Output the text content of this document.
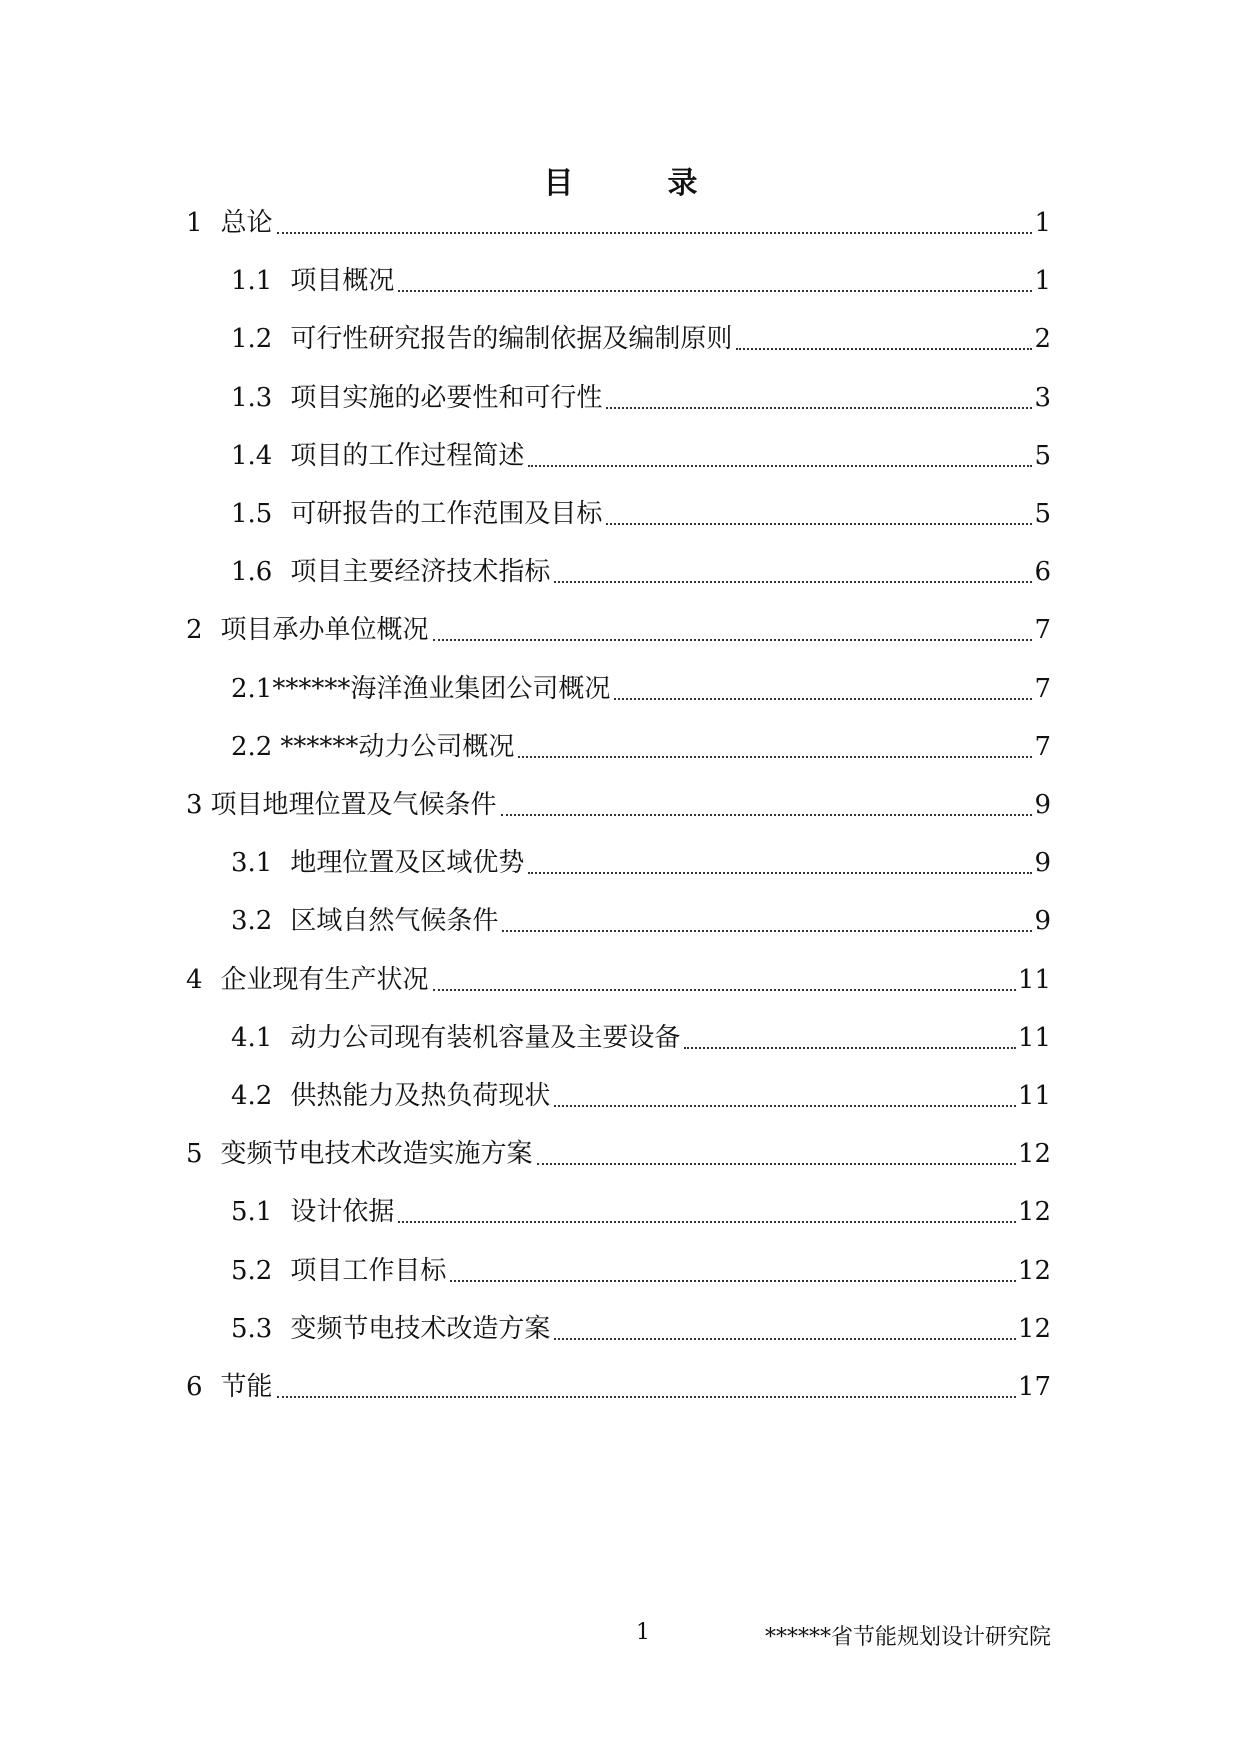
目	录
1 总论	1
1.1 项目概况	1
1.2 可行性研究报告的编制依据及编制原则	2
1.3 项目实施的必要性和可行性	3
1.4 项目的工作过程简述	5
1.5 可研报告的工作范围及目标	5
1.6 项目主要经济技术指标	6
2 项目承办单位概况	7
2.1 ******海洋渔业集团公司概况	7
2.2 ******动力公司概况	7
3 项目地理位置及气候条件	9
3.1 地理位置及区域优势	9
3.2 区域自然气候条件	9
4 企业现有生产状况	11
4.1 动力公司现有装机容量及主要设备	11
4.2 供热能力及热负荷现状	11
5 变频节电技术改造实施方案	12
5.1 设计依据	12
5.2 项目工作目标	12
5.3 变频节电技术改造方案	12
6 节能	17
1	******省节能规划设计研究院
